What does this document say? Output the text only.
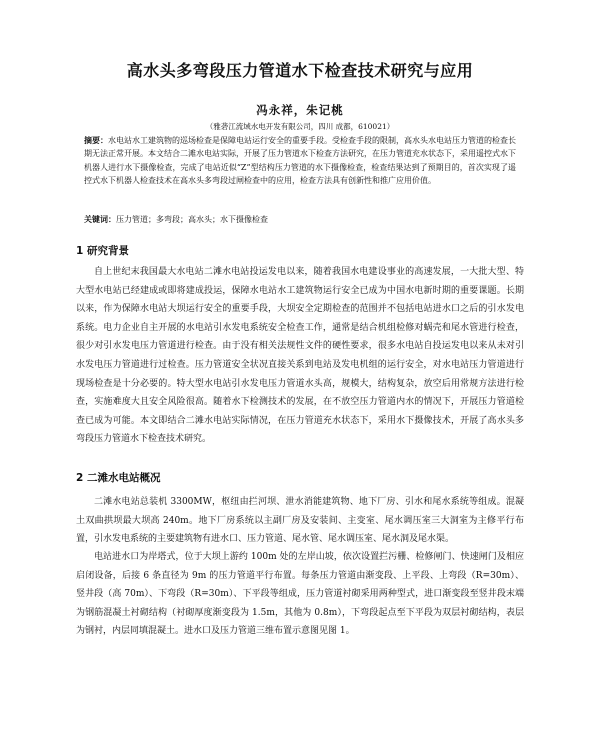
高水头多弯段压力管道水下检查技术研究与应用
冯永祥，朱记桃
（雅砻江流域水电开发有限公司，四川 成都，610021）
摘要：水电站水工建筑物的巡场检查是保障电站运行安全的重要手段。受检查手段的限制，高水头水电站压力管道的检查长期无法正常开展。本文结合二滩水电站实际，开展了压力管道水下检查方法研究，在压力管道充水状态下，采用遥控式水下机器人进行水下摄像检查，完成了电站近似“Z”型结构压力管道的水下摄像检查，检查结果达到了预期目的，首次实现了遥控式水下机器人检查技术在高水头多弯段过闸检查中的应用，检查方法具有创新性和推广应用价值。
关键词：压力管道；多弯段；高水头；水下摄像检查
1 研究背景
自上世纪末我国最大水电站二滩水电站投运发电以来，随着我国水电建设事业的高速发展，一大批大型、特大型水电站已经建成或即将建成投运，保障水电站水工建筑物运行安全已成为中国水电新时期的重要课题。长期以来，作为保障水电站大坝运行安全的重要手段，大坝安全定期检查的范围并不包括电站进水口之后的引水发电系统。电力企业自主开展的水电站引水发电系统安全检查工作，通常是结合机组检修对蜗壳和尾水管进行检查，很少对引水发电压力管道进行检查。由于没有相关法规性文件的硬性要求，很多水电站自投运发电以来从未对引水发电压力管道进行过检查。压力管道安全状况直接关系到电站及发电机组的运行安全，对水电站压力管道进行现场检查是十分必要的。特大型水电站引水发电压力管道水头高，规模大，结构复杂，放空后用常规方法进行检查，实施难度大且安全风险很高。随着水下检测技术的发展，在不放空压力管道内水的情况下，开展压力管道检查已成为可能。本文即结合二滩水电站实际情况，在压力管道充水状态下，采用水下摄像技术，开展了高水头多弯段压力管道水下检查技术研究。
2 二滩水电站概况
二滩水电站总装机 3300MW，枢纽由拦河坝、泄水消能建筑物、地下厂房、引水和尾水系统等组成。混凝土双曲拱坝最大坝高 240m。地下厂房系统以主副厂房及安装间、主变室、尾水调压室三大洞室为主修平行布置，引水发电系统的主要建筑物有进水口、压力管道、尾水管、尾水调压室、尾水洞及尾水渠。
电站进水口为岸塔式，位于大坝上游约 100m 处的左岸山坡，依次设置拦污栅、检修闸门、快速闸门及相应启闭设备，后接 6 条直径为 9m 的压力管道平行布置。每条压力管道由渐变段、上平段、上弯段（R=30m）、竖井段（高 70m）、下弯段（R=30m）、下平段等组成，压力管道衬砌采用两种型式，进口渐变段至竖井段末端为钢筋混凝土衬砌结构（衬砌厚度渐变段为 1.5m，其他为 0.8m），下弯段起点至下平段为双层衬砌结构，表层为钢衬，内层同填混凝土。进水口及压力管道三维布置示意图见图 1。
